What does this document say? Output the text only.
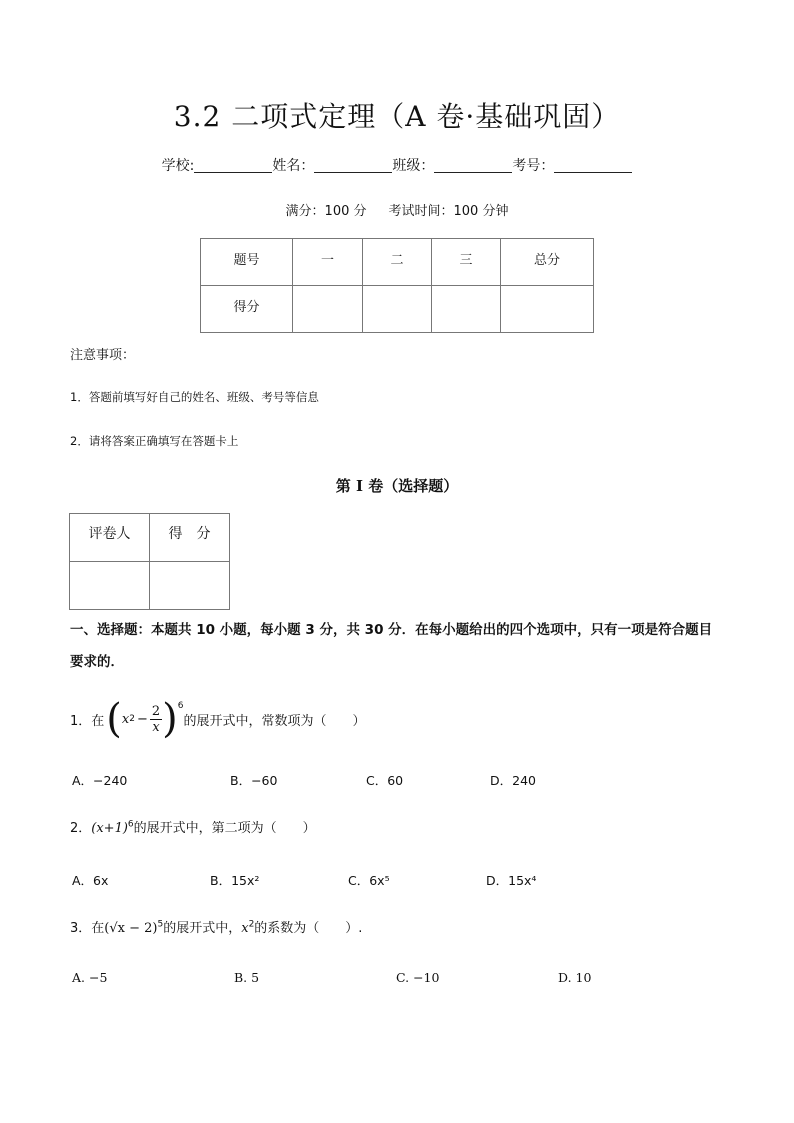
3.2 二项式定理（A 卷·基础巩固）
学校:	姓名：	班级：	考号：
满分：100 分 考试时间：100 分钟
题号	一	二	三	总分
得分				
注意事项：
1．答题前填写好自己的姓名、班级、考号等信息
2．请将答案正确填写在答题卡上
第 I 卷（选择题）
评卷人	得　分

一、选择题：本题共 10 小题，每小题 3 分，共 30 分．在每小题给出的四个选项中，只有一项是符合题目
要求的．
1．在 ( x $2 - \frac{2}{x} )^6$
的展开式中，常数项为（　　）
A．−240	B．−60	C．60	D．240
2．$(x+1)^6$的展开式中，第二项为（　　）
A．6x	B．15x²	C．6x⁵	D．15x⁴
3．在$(√x - 2)^5$的展开式中，$x^2$的系数为（　　）.
A. −5	B. 5	C. −10	D. 10
